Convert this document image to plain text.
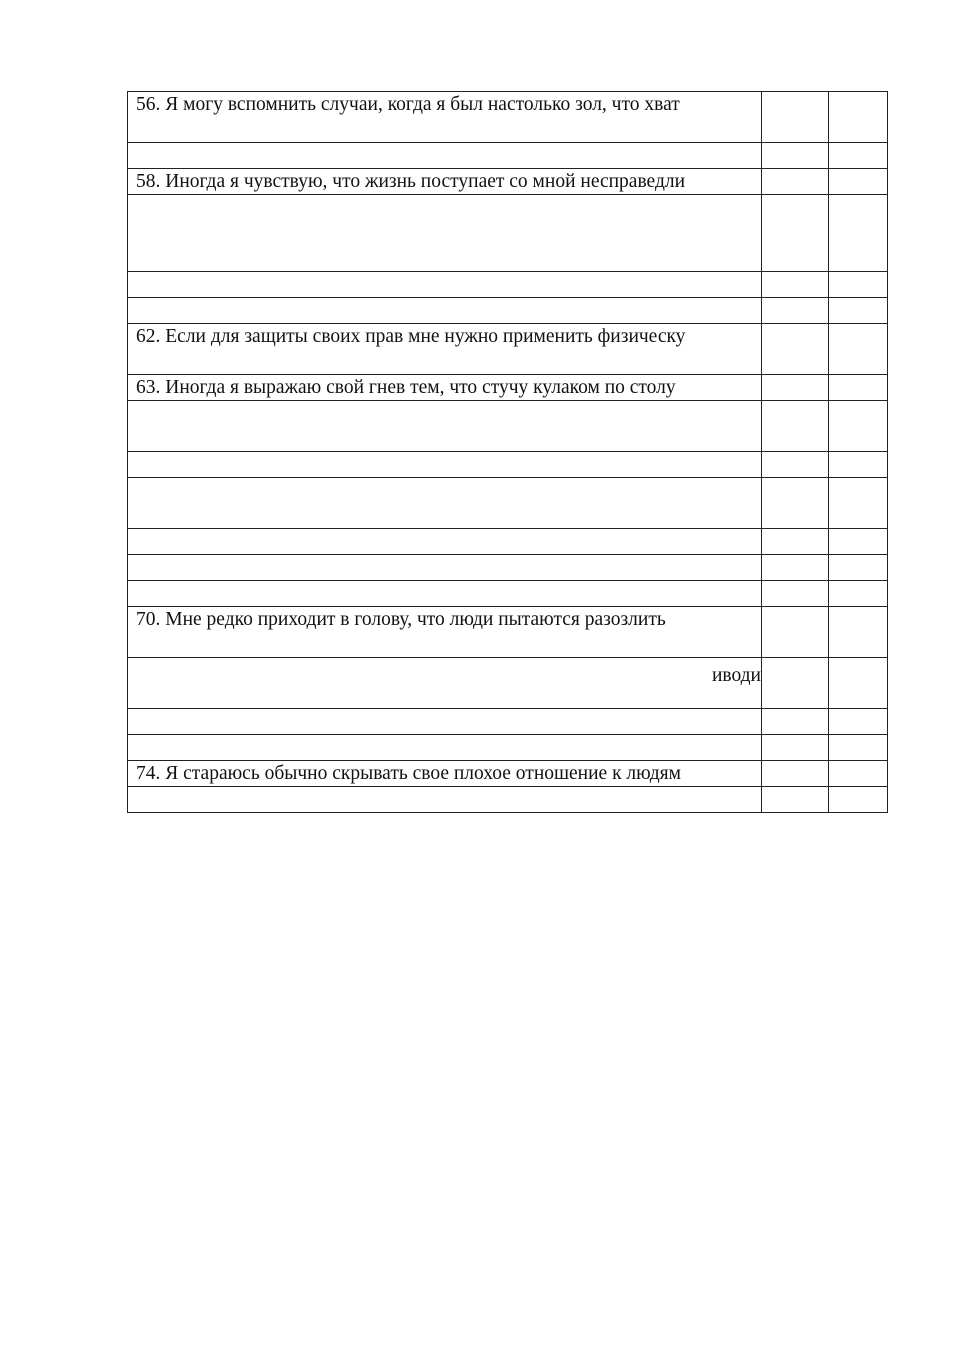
56. Я могу вспомнить случаи, когда я был настолько зол, что хват		

58. Иногда я чувствую, что жизнь поступает со мной несправедли		

62. Если для защиты своих прав мне нужно применить физическу		

63. Иногда я выражаю свой гнев тем, что стучу кулаком по столу		

70. Мне редко приходит в голову, что люди пытаются разозлить		

иводи		

74. Я стараюсь обычно скрывать свое плохое отношение к людям		
